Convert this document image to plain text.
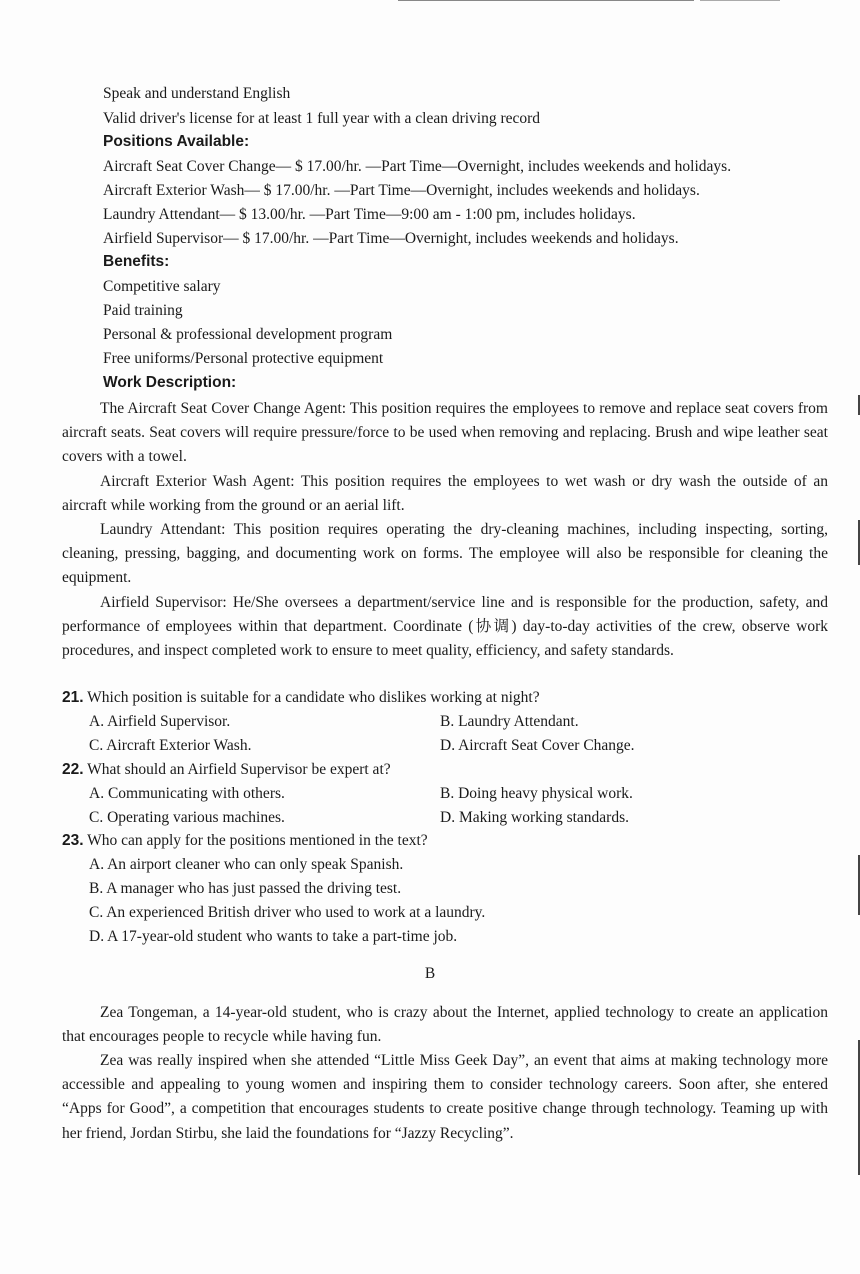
Speak and understand English
Valid driver's license for at least 1 full year with a clean driving record
Positions Available:
Aircraft Seat Cover Change— $ 17.00/hr. —Part Time—Overnight, includes weekends and holidays.
Aircraft Exterior Wash— $ 17.00/hr. —Part Time—Overnight, includes weekends and holidays.
Laundry Attendant— $ 13.00/hr. —Part Time—9:00 am - 1:00 pm, includes holidays.
Airfield Supervisor— $ 17.00/hr. —Part Time—Overnight, includes weekends and holidays.
Benefits:
Competitive salary
Paid training
Personal & professional development program
Free uniforms/Personal protective equipment
Work Description:
The Aircraft Seat Cover Change Agent: This position requires the employees to remove and replace seat covers from aircraft seats. Seat covers will require pressure/force to be used when removing and replacing. Brush and wipe leather seat covers with a towel.
Aircraft Exterior Wash Agent: This position requires the employees to wet wash or dry wash the outside of an aircraft while working from the ground or an aerial lift.
Laundry Attendant: This position requires operating the dry-cleaning machines, including inspecting, sorting, cleaning, pressing, bagging, and documenting work on forms. The employee will also be responsible for cleaning the equipment.
Airfield Supervisor: He/She oversees a department/service line and is responsible for the production, safety, and performance of employees within that department. Coordinate (协调) day-to-day activities of the crew, observe work procedures, and inspect completed work to ensure to meet quality, efficiency, and safety standards.
21. Which position is suitable for a candidate who dislikes working at night?
A. Airfield Supervisor.	B. Laundry Attendant.
C. Aircraft Exterior Wash.	D. Aircraft Seat Cover Change.
22. What should an Airfield Supervisor be expert at?
A. Communicating with others.	B. Doing heavy physical work.
C. Operating various machines.	D. Making working standards.
23. Who can apply for the positions mentioned in the text?
A. An airport cleaner who can only speak Spanish.
B. A manager who has just passed the driving test.
C. An experienced British driver who used to work at a laundry.
D. A 17-year-old student who wants to take a part-time job.
B
Zea Tongeman, a 14-year-old student, who is crazy about the Internet, applied technology to create an application that encourages people to recycle while having fun.
Zea was really inspired when she attended “Little Miss Geek Day”, an event that aims at making technology more accessible and appealing to young women and inspiring them to consider technology careers. Soon after, she entered “Apps for Good”, a competition that encourages students to create positive change through technology. Teaming up with her friend, Jordan Stirbu, she laid the foundations for “Jazzy Recycling”.
